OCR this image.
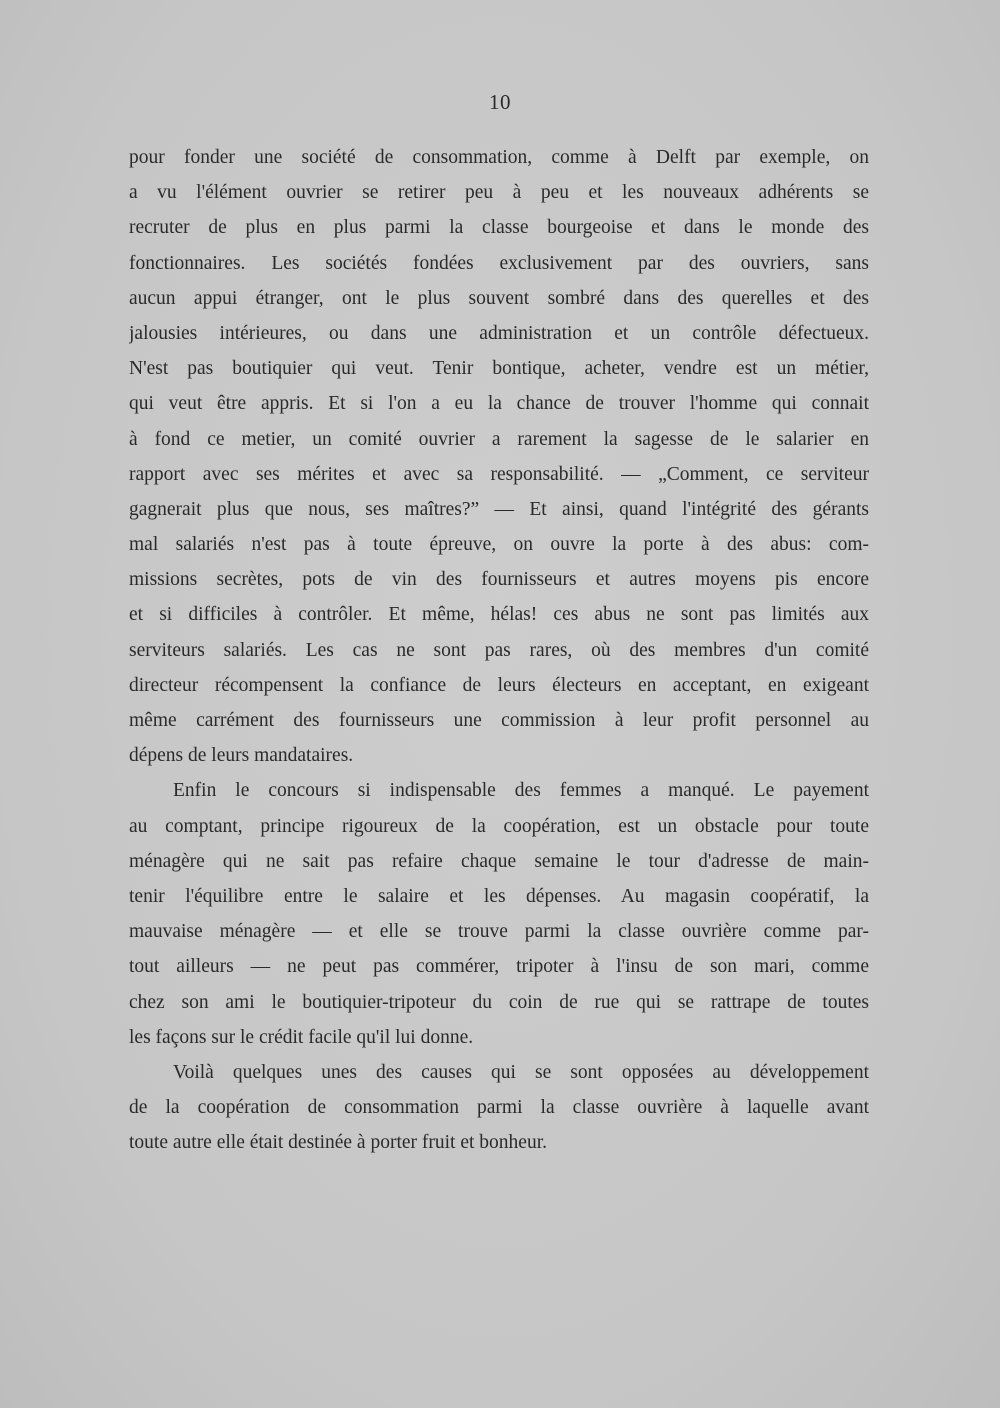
10
pour fonder une société de consommation, comme à Delft par exemple, on
a vu l'élément ouvrier se retirer peu à peu et les nouveaux adhérents se
recruter de plus en plus parmi la classe bourgeoise et dans le monde des
fonctionnaires. Les sociétés fondées exclusivement par des ouvriers, sans
aucun appui étranger, ont le plus souvent sombré dans des querelles et des
jalousies intérieures, ou dans une administration et un contrôle défectueux.
N'est pas boutiquier qui veut. Tenir bontique, acheter, vendre est un métier,
qui veut être appris. Et si l'on a eu la chance de trouver l'homme qui connait
à fond ce metier, un comité ouvrier a rarement la sagesse de le salarier en
rapport avec ses mérites et avec sa responsabilité. — „Comment, ce serviteur
gagnerait plus que nous, ses maîtres?” — Et ainsi, quand l'intégrité des gérants
mal salariés n'est pas à toute épreuve, on ouvre la porte à des abus: com-
missions secrètes, pots de vin des fournisseurs et autres moyens pis encore
et si difficiles à contrôler. Et même, hélas! ces abus ne sont pas limités aux
serviteurs salariés. Les cas ne sont pas rares, où des membres d'un comité
directeur récompensent la confiance de leurs électeurs en acceptant, en exigeant
même carrément des fournisseurs une commission à leur profit personnel au
dépens de leurs mandataires.
Enfin le concours si indispensable des femmes a manqué. Le payement
au comptant, principe rigoureux de la coopération, est un obstacle pour toute
ménagère qui ne sait pas refaire chaque semaine le tour d'adresse de main-
tenir l'équilibre entre le salaire et les dépenses. Au magasin coopératif, la
mauvaise ménagère — et elle se trouve parmi la classe ouvrière comme par-
tout ailleurs — ne peut pas commérer, tripoter à l'insu de son mari, comme
chez son ami le boutiquier-tripoteur du coin de rue qui se rattrape de toutes
les façons sur le crédit facile qu'il lui donne.
Voilà quelques unes des causes qui se sont opposées au développement
de la coopération de consommation parmi la classe ouvrière à laquelle avant
toute autre elle était destinée à porter fruit et bonheur.
